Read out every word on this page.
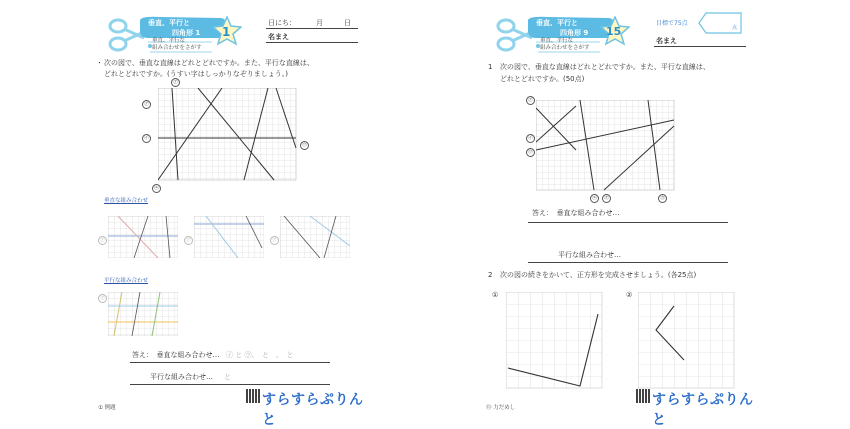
垂直、平行と
四角形 1
垂直、平行な
組み合わせをさがす
1
日にち：	月	日
名まえ
・ 次の図で、垂直な直線はどれとどれですか。また、平行な直線は、
どれとどれですか。(うすい字はしっかりなぞりましょう。)
㋐
㋐
㋑
㋒
㋓
垂直な組み合わせ
㋐	㋐	㋐
平行な組み合わせ
㋐
答え：　垂直な組み合わせ… ㋑ と ㋒、　と　、　と
平行な組み合わせ… と
① 例題	すらすらぷりんと
垂直、平行と
四角形 9
垂直、平行な
組み合わせをさがす
15
目標で75点
点
名まえ
1 次の図で、垂直な直線はどれとどれですか。また、平行な直線は、
どれとどれですか。(50点)
㋐
㋑
㋒
㋓	㋔	㋕
答え：　垂直な組み合わせ…
平行な組み合わせ…
2 次の図の続きをかいて、正方形を完成させましょう。(各25点)
①	②
⑮ 力だめし	すらすらぷりんと
